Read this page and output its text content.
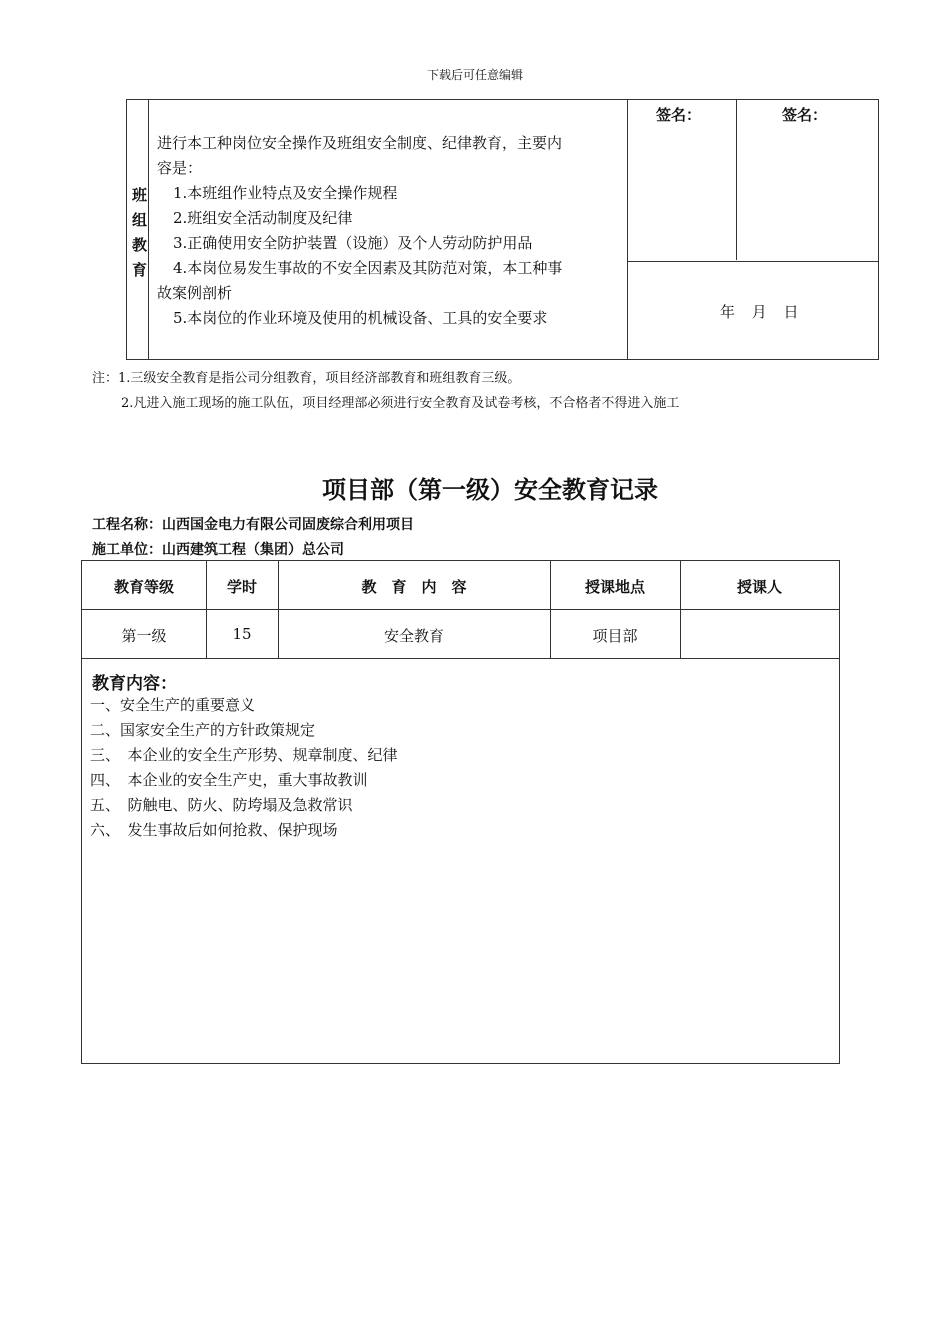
下载后可任意编辑
班
组
教
育

进行本工种岗位安全操作及班组安全制度、纪律教育，主要内

容是：

1.本班组作业特点及安全操作规程

2.班组安全活动制度及纪律

3.正确使用安全防护装置（设施）及个人劳动防护用品

4.本岗位易发生事故的不安全因素及其防范对策，本工种事

故案例剖析

5.本岗位的作业环境及使用的机械设备、工具的安全要求

签名：	签名：
年 月 日
注：1.三级安全教育是指公司分组教育，项目经济部教育和班组教育三级。
2.凡进入施工现场的施工队伍，项目经理部必须进行安全教育及试卷考核，不合格者不得进入施工
项目部（第一级）安全教育记录
工程名称：山西国金电力有限公司固废综合利用项目
施工单位：山西建筑工程（集团）总公司
教育等级	学时	教　育　内　容	授课地点	授课人
第一级	15	安全教育	项目部
教育内容：
一、安全生产的重要意义
二、国家安全生产的方针政策规定
三、　本企业的安全生产形势、规章制度、纪律
四、　本企业的安全生产史，重大事故教训
五、　防触电、防火、防垮塌及急救常识
六、　发生事故后如何抢救、保护现场
